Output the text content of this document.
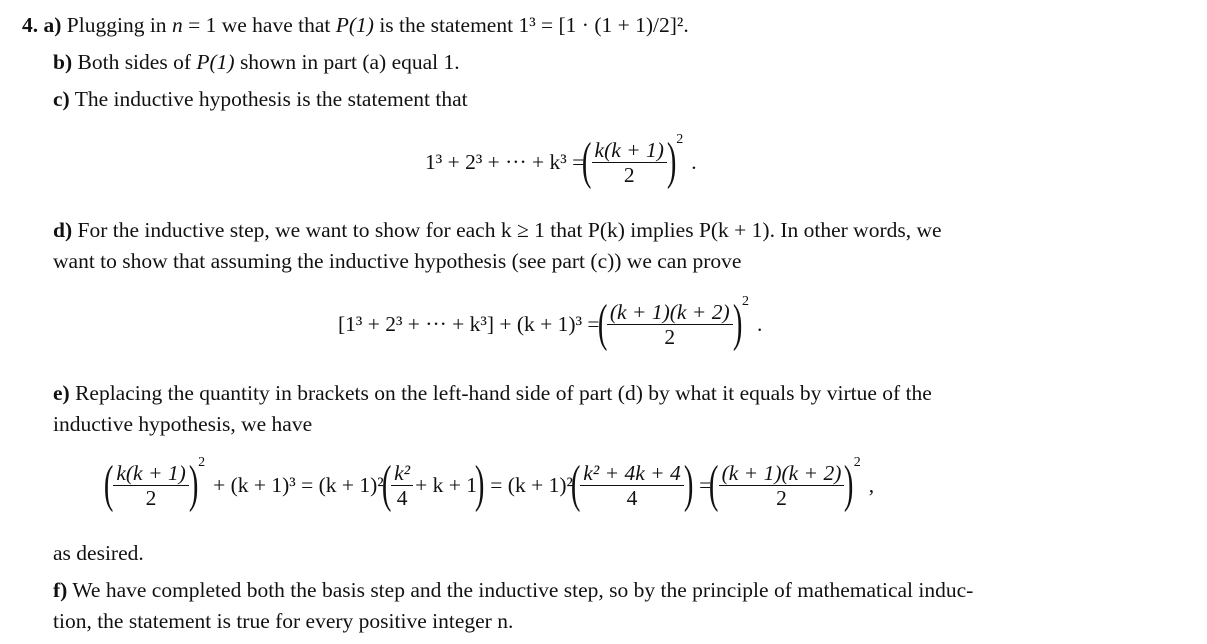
4. a) Plugging in n = 1 we have that P(1) is the statement 1³ = [1 · (1 + 1)/2]².
b) Both sides of P(1) shown in part (a) equal 1.
c) The inductive hypothesis is the statement that
1³ + 2³ + ··· + k³ =
( $\frac{k(k + 1)}{2}$ ) 2
.
d) For the inductive step, we want to show for each k ≥ 1 that P(k) implies P(k + 1). In other words, we
want to show that assuming the inductive hypothesis (see part (c)) we can prove
[1³ + 2³ + ··· + k³] + (k + 1)³ =
( $\frac{(k + 1)(k + 2)}{2}$ ) 2
.
e) Replacing the quantity in brackets on the left-hand side of part (d) by what it equals by virtue of the
inductive hypothesis, we have
( $\frac{k(k + 1)}{2}$ ) 2
+ (k + 1)³ = (k + 1)²
( $\frac{\text{k²}}{4} + k + 1$
) = (k + 1)²
( $\frac{\text{k² + 4k + 4}}{4}$ ) =
( $\frac{(k + 1)(k + 2)}{2}$ ) 2
,
as desired.
f) We have completed both the basis step and the inductive step, so by the principle of mathematical induc-
tion, the statement is true for every positive integer n.
